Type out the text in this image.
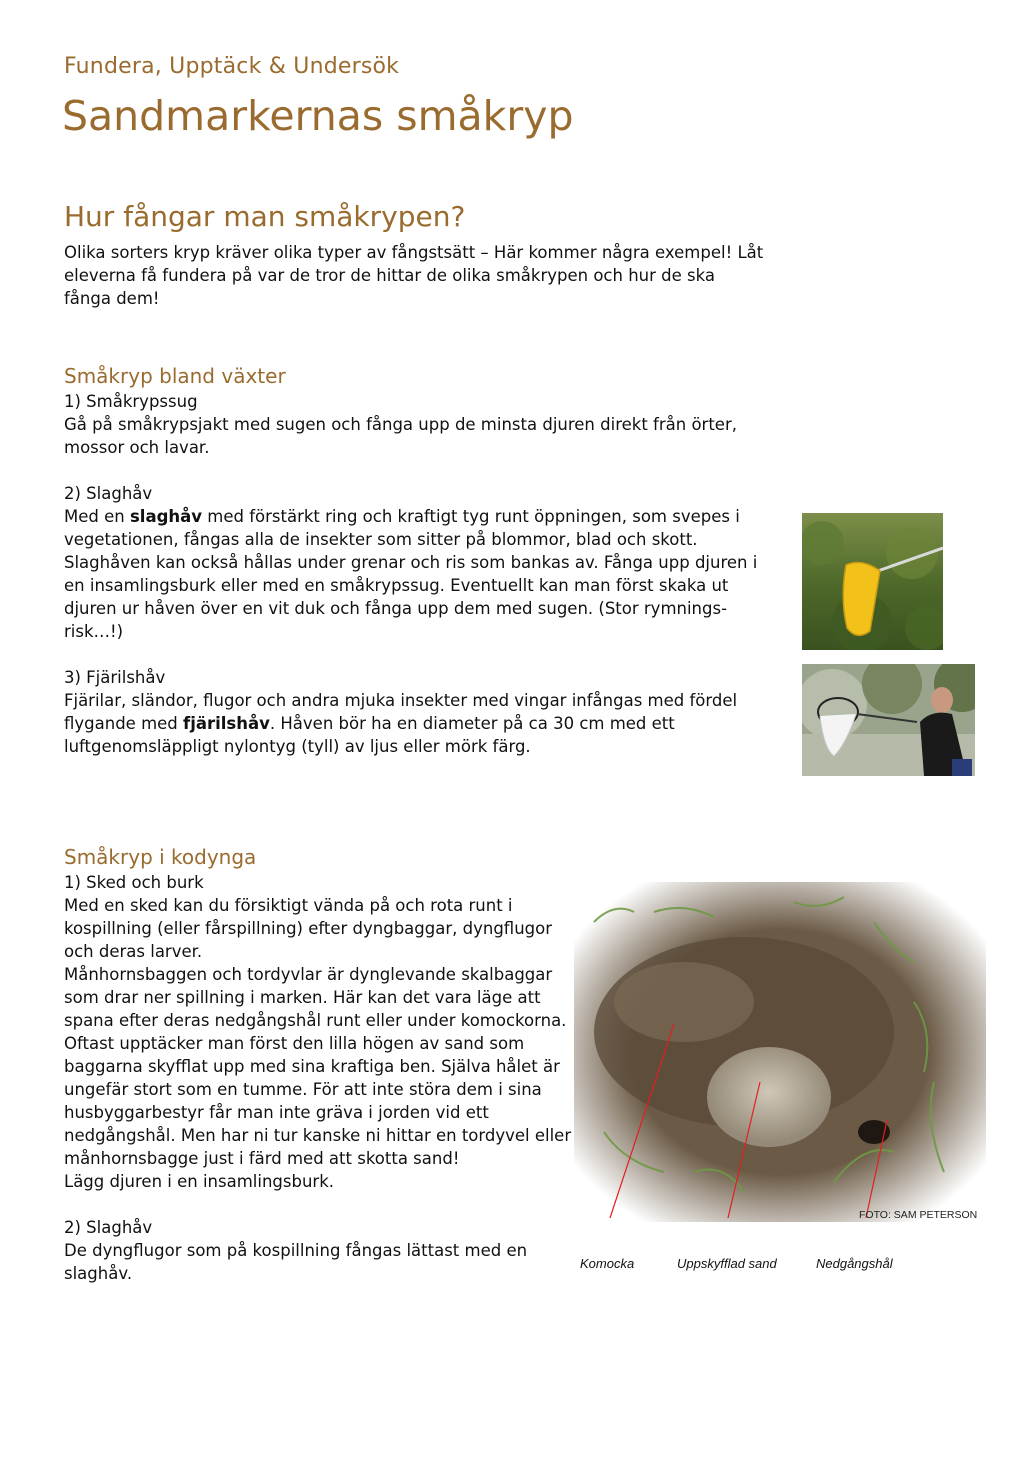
Fundera, Upptäck & Undersök
Sandmarkernas småkryp
Hur fångar man småkrypen?
Olika sorters kryp kräver olika typer av fångstsätt – Här kommer några exempel! Låt eleverna få fundera på var de tror de hittar de olika småkrypen och hur de ska fånga dem!
Småkryp bland växter

1) Småkrypssug

Gå på småkrypsjakt med sugen och fånga upp de minsta djuren direkt från örter, mossor och lavar.

2) Slaghåv

Med en slaghåv med förstärkt ring och kraftigt tyg runt öppningen, som svepes i vegetationen, fångas alla de insekter som sitter på blommor, blad och skott. Slaghåven kan också hållas under grenar och ris som bankas av. Fånga upp djuren i en insamlingsburk eller med en småkrypssug. Eventuellt kan man först skaka ut djuren ur håven över en vit duk och fånga upp dem med sugen. (Stor rymnings-risk…!)

3) Fjärilshåv

Fjärilar, sländor, flugor och andra mjuka insekter med vingar infångas med fördel flygande med fjärilshåv. Håven bör ha en diameter på ca 30 cm med ett luftgenomsläppligt nylontyg (tyll) av ljus eller mörk färg.

Småkryp i kodynga

1) Sked och burk

Med en sked kan du försiktigt vända på och rota runt i kospillning (eller fårspillning) efter dyngbaggar, dyngflugor och deras larver.

Månhornsbaggen och tordyvlar är dynglevande skalbaggar som drar ner spillning i marken. Här kan det vara läge att spana efter deras nedgångshål runt eller under komockorna. Oftast upptäcker man först den lilla högen av sand som baggarna skyfflat upp med sina kraftiga ben. Själva hålet är ungefär stort som en tumme. För att inte störa dem i sina husbyggarbestyr får man inte gräva i jorden vid ett nedgångshål. Men har ni tur kanske ni hittar en tordyvel eller månhornsbagge just i färd med att skotta sand!

Lägg djuren i en insamlingsburk.

2) Slaghåv

De dyngflugor som på kospillning fångas lättast med en slaghåv.

FOTO: SAM PETERSON
Komocka	Uppskyfflad sand	Nedgångshål
